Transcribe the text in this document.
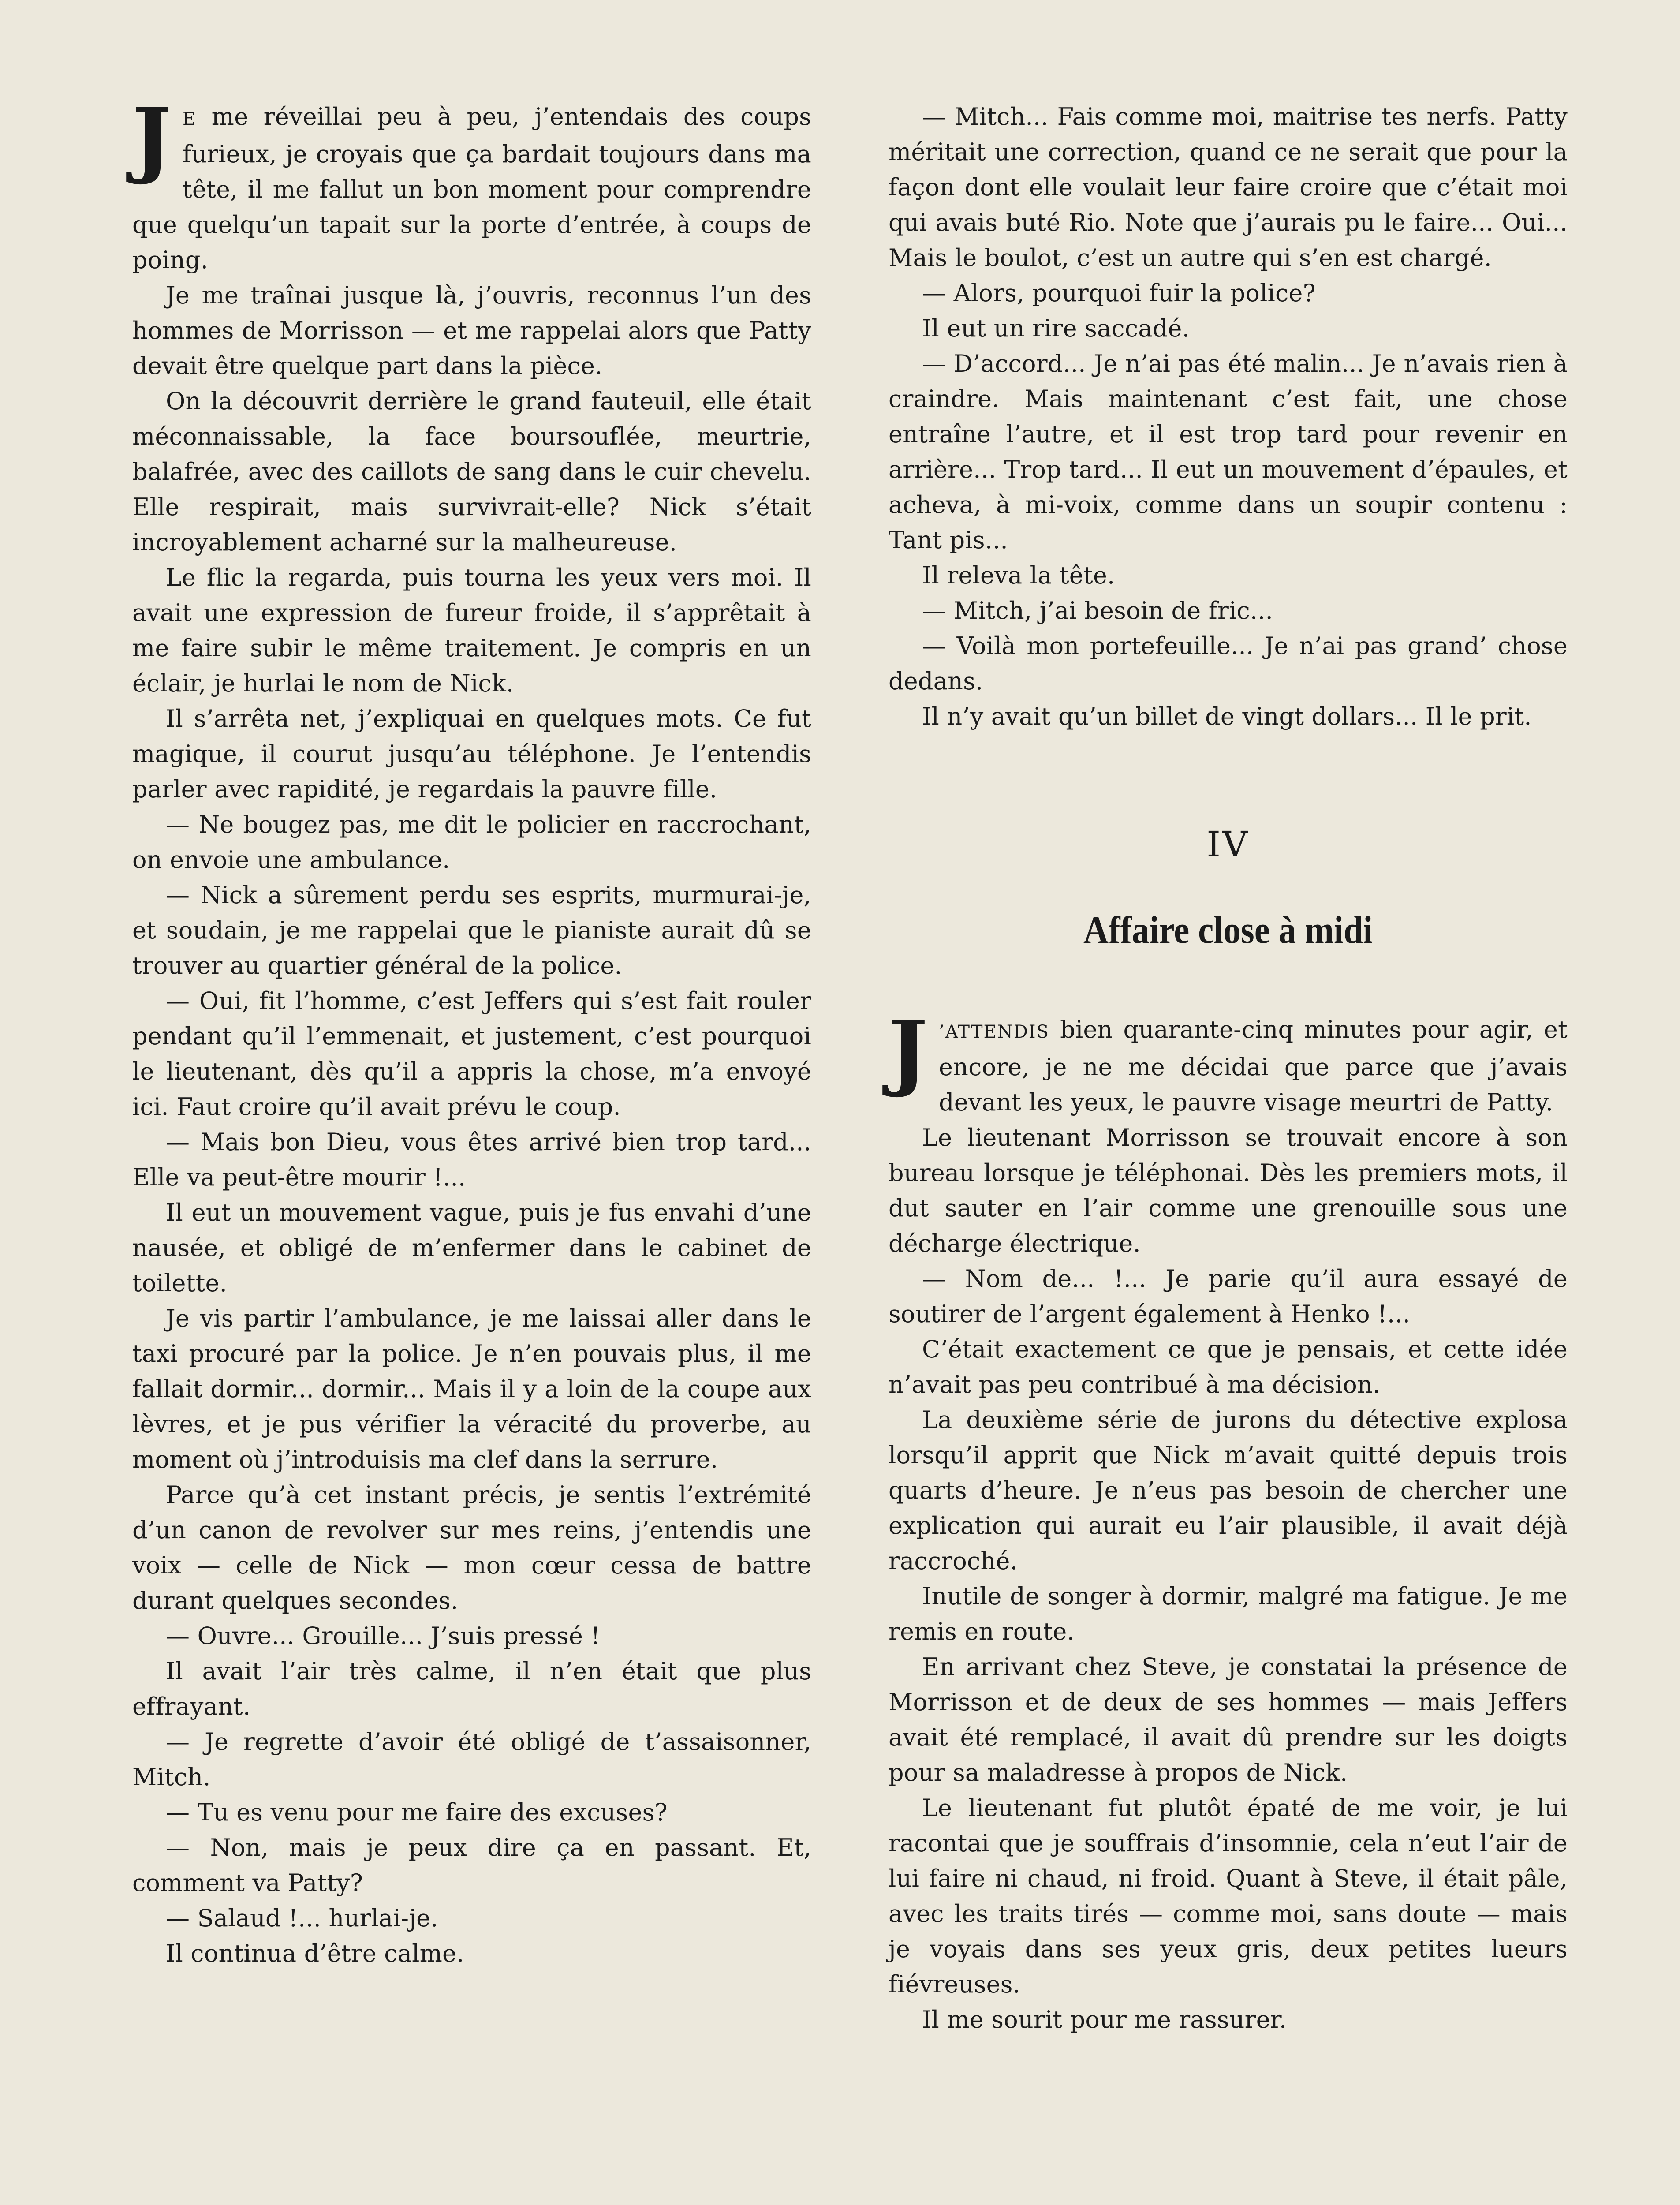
JE me réveillai peu à peu, j’entendais des coups furieux, je croyais que ça bardait toujours dans ma tête, il me fallut un bon moment pour comprendre que quelqu’un tapait sur la porte d’entrée, à coups de poing.

Je me traînai jusque là, j’ouvris, reconnus l’un des hommes de Morrisson — et me rappelai alors que Patty devait être quelque part dans la pièce.

On la découvrit derrière le grand fauteuil, elle était méconnaissable, la face boursouflée, meurtrie, balafrée, avec des caillots de sang dans le cuir chevelu. Elle respirait, mais survivrait-elle? Nick s’était incroyablement acharné sur la malheureuse.

Le flic la regarda, puis tourna les yeux vers moi. Il avait une expression de fureur froide, il s’apprêtait à me faire subir le même traitement. Je compris en un éclair, je hurlai le nom de Nick.

Il s’arrêta net, j’expliquai en quelques mots. Ce fut magique, il courut jusqu’au téléphone. Je l’entendis parler avec rapidité, je regardais la pauvre fille.

— Ne bougez pas, me dit le policier en raccrochant, on envoie une ambulance.

— Nick a sûrement perdu ses esprits, murmurai-je, et soudain, je me rappelai que le pianiste aurait dû se trouver au quartier général de la police.

— Oui, fit l’homme, c’est Jeffers qui s’est fait rouler pendant qu’il l’emmenait, et justement, c’est pourquoi le lieutenant, dès qu’il a appris la chose, m’a envoyé ici. Faut croire qu’il avait prévu le coup.

— Mais bon Dieu, vous êtes arrivé bien trop tard... Elle va peut-être mourir !...

Il eut un mouvement vague, puis je fus envahi d’une nausée, et obligé de m’enfermer dans le cabinet de toilette.

Je vis partir l’ambulance, je me laissai aller dans le taxi procuré par la police. Je n’en pouvais plus, il me fallait dormir... dormir... Mais il y a loin de la coupe aux lèvres, et je pus vérifier la véracité du proverbe, au moment où j’introduisis ma clef dans la serrure.

Parce qu’à cet instant précis, je sentis l’extrémité d’un canon de revolver sur mes reins, j’entendis une voix — celle de Nick — mon cœur cessa de battre durant quelques secondes.

— Ouvre... Grouille... J’suis pressé !

Il avait l’air très calme, il n’en était que plus effrayant.

— Je regrette d’avoir été obligé de t’assaisonner, Mitch.

— Tu es venu pour me faire des excuses?

— Non, mais je peux dire ça en passant. Et, comment va Patty?

— Salaud !... hurlai-je.

Il continua d’être calme.

— Mitch... Fais comme moi, maitrise tes nerfs. Patty méritait une correction, quand ce ne serait que pour la façon dont elle voulait leur faire croire que c’était moi qui avais buté Rio. Note que j’aurais pu le faire... Oui... Mais le boulot, c’est un autre qui s’en est chargé.

— Alors, pourquoi fuir la police?

Il eut un rire saccadé.

— D’accord... Je n’ai pas été malin... Je n’avais rien à craindre. Mais maintenant c’est fait, une chose entraîne l’autre, et il est trop tard pour revenir en arrière... Trop tard... Il eut un mouvement d’épaules, et acheva, à mi-voix, comme dans un soupir contenu : Tant pis...

Il releva la tête.

— Mitch, j’ai besoin de fric...

— Voilà mon portefeuille... Je n’ai pas grand’ chose dedans.

Il n’y avait qu’un billet de vingt dollars... Il le prit.

IV
Affaire close à midi

J ’ATTENDIS bien quarante-cinq minutes pour agir, et encore, je ne me décidai que parce que j’avais devant les yeux, le pauvre visage meurtri de Patty.

Le lieutenant Morrisson se trouvait encore à son bureau lorsque je téléphonai. Dès les premiers mots, il dut sauter en l’air comme une grenouille sous une décharge électrique.

— Nom de... !... Je parie qu’il aura essayé de soutirer de l’argent également à Henko !...

C’était exactement ce que je pensais, et cette idée n’avait pas peu contribué à ma décision.

La deuxième série de jurons du détective explosa lorsqu’il apprit que Nick m’avait quitté depuis trois quarts d’heure. Je n’eus pas besoin de chercher une explication qui aurait eu l’air plausible, il avait déjà raccroché.

Inutile de songer à dormir, malgré ma fatigue. Je me remis en route.

En arrivant chez Steve, je constatai la présence de Morrisson et de deux de ses hommes — mais Jeffers avait été remplacé, il avait dû prendre sur les doigts pour sa maladresse à propos de Nick.

Le lieutenant fut plutôt épaté de me voir, je lui racontai que je souffrais d’insomnie, cela n’eut l’air de lui faire ni chaud, ni froid. Quant à Steve, il était pâle, avec les traits tirés — comme moi, sans doute — mais je voyais dans ses yeux gris, deux petites lueurs fiévreuses.

Il me sourit pour me rassurer.
